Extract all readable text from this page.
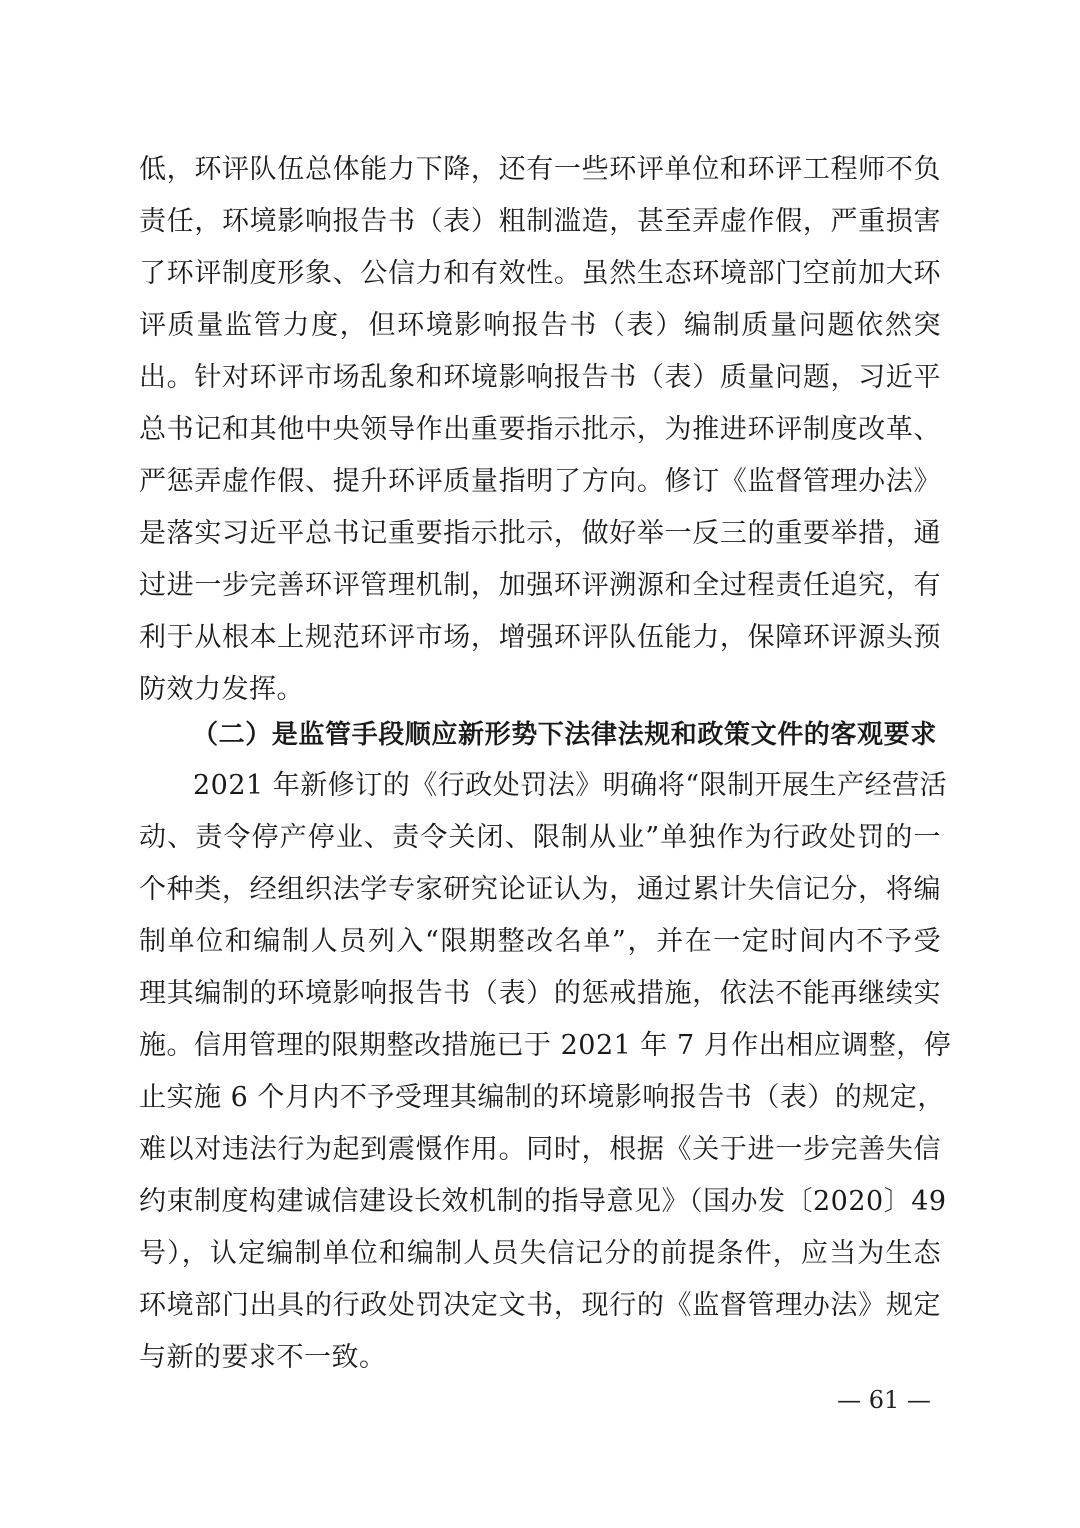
低，环评队伍总体能力下降，还有一些环评单位和环评工程师不负
责任，环境影响报告书（表）粗制滥造，甚至弄虚作假，严重损害
了环评制度形象、公信力和有效性。虽然生态环境部门空前加大环
评质量监管力度，但环境影响报告书（表）编制质量问题依然突
出。针对环评市场乱象和环境影响报告书（表）质量问题，习近平
总书记和其他中央领导作出重要指示批示，为推进环评制度改革、
严惩弄虚作假、提升环评质量指明了方向。修订《监督管理办法》
是落实习近平总书记重要指示批示，做好举一反三的重要举措，通
过进一步完善环评管理机制，加强环评溯源和全过程责任追究，有
利于从根本上规范环评市场，增强环评队伍能力，保障环评源头预
防效力发挥。
（二）是监管手段顺应新形势下法律法规和政策文件的客观要求
2021 年新修订的《行政处罚法》明确将“限制开展生产经营活
动、责令停产停业、责令关闭、限制从业”单独作为行政处罚的一
个种类，经组织法学专家研究论证认为，通过累计失信记分，将编
制单位和编制人员列入“限期整改名单”，并在一定时间内不予受
理其编制的环境影响报告书（表）的惩戒措施，依法不能再继续实
施。信用管理的限期整改措施已于 2021 年 7 月作出相应调整，停
止实施 6 个月内不予受理其编制的环境影响报告书（表）的规定，
难以对违法行为起到震慑作用。同时，根据《关于进一步完善失信
约束制度构建诚信建设长效机制的指导意见》（国办发〔2020〕49
号），认定编制单位和编制人员失信记分的前提条件，应当为生态
环境部门出具的行政处罚决定文书，现行的《监督管理办法》规定
与新的要求不一致。
— 61 —
